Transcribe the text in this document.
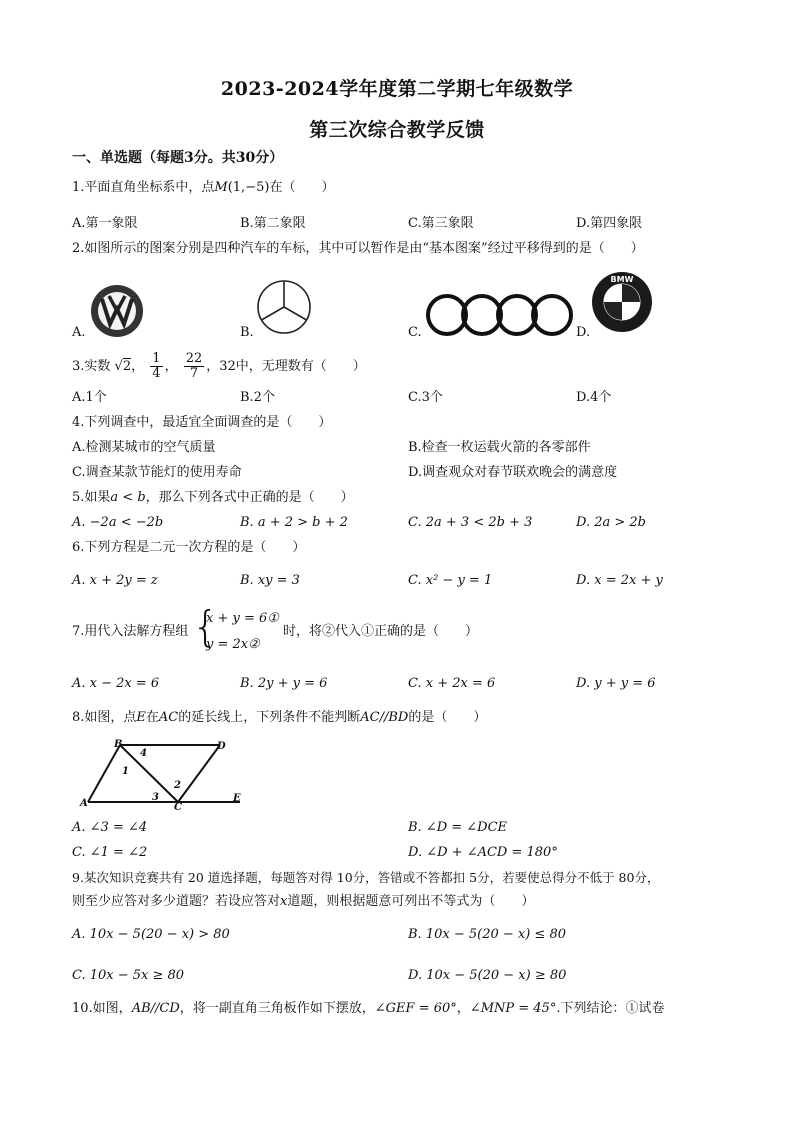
2023-2024学年度第二学期七年级数学
第三次综合教学反馈
一、单选题（每题3分。共30分）
1.平面直角坐标系中，点M(1,−5)在（　　）
A.第一象限	B.第二象限	C.第三象限	D.第四象限
2.如图所示的图案分别是四种汽车的车标，其中可以暂作是由“基本图案”经过平移得到的是（　　）
A.	B.	C.
BMW
D.
3.实数 √2， $\frac{1}{4}$ ， $\frac{22}{7}$ ，32中，无理数有（　　）
A.1个	B.2个	C.3个	D.4个
4.下列调查中，最适宜全面调查的是（　　）
A.检测某城市的空气质量	B.检查一枚运载火箭的各零部件
C.调查某款节能灯的使用寿命	D.调查观众对春节联欢晚会的满意度
5.如果a < b，那么下列各式中正确的是（　　）
A. −2a < −2b	B. a + 2 > b + 2	C. 2a + 3 < 2b + 3	D. 2a > 2b
6.下列方程是二元一次方程的是（　　）
A. x + 2y = z	B. xy = 3	C. x² − y = 1	D. x = 2x + y
7.用代入法解方程组 {
x + y = 6①
y = 2x②
时，将②代入①正确的是（　　）
A. x − 2x = 6	B. 2y + y = 6	C. x + 2x = 6	D. y + y = 6
8.如图，点E在AC的延长线上，下列条件不能判断AC//BD的是（　　）
A
B
C
D
E
1
2
3
4
A. ∠3 = ∠4	B. ∠D = ∠DCE
C. ∠1 = ∠2	D. ∠D + ∠ACD = 180°
9.某次知识竞赛共有 20 道选择题，每题答对得 10分，答错或不答都扣 5分，若要使总得分不低于 80分，
则至少应答对多少道题？若设应答对x道题，则根据题意可列出不等式为（　　）
A. 10x − 5(20 − x) > 80	B. 10x − 5(20 − x) ≤ 80
C. 10x − 5x ≥ 80	D. 10x − 5(20 − x) ≥ 80
10.如图，AB//CD，将一副直角三角板作如下摆放，∠GEF = 60°，∠MNP = 45°.下列结论：①试卷
